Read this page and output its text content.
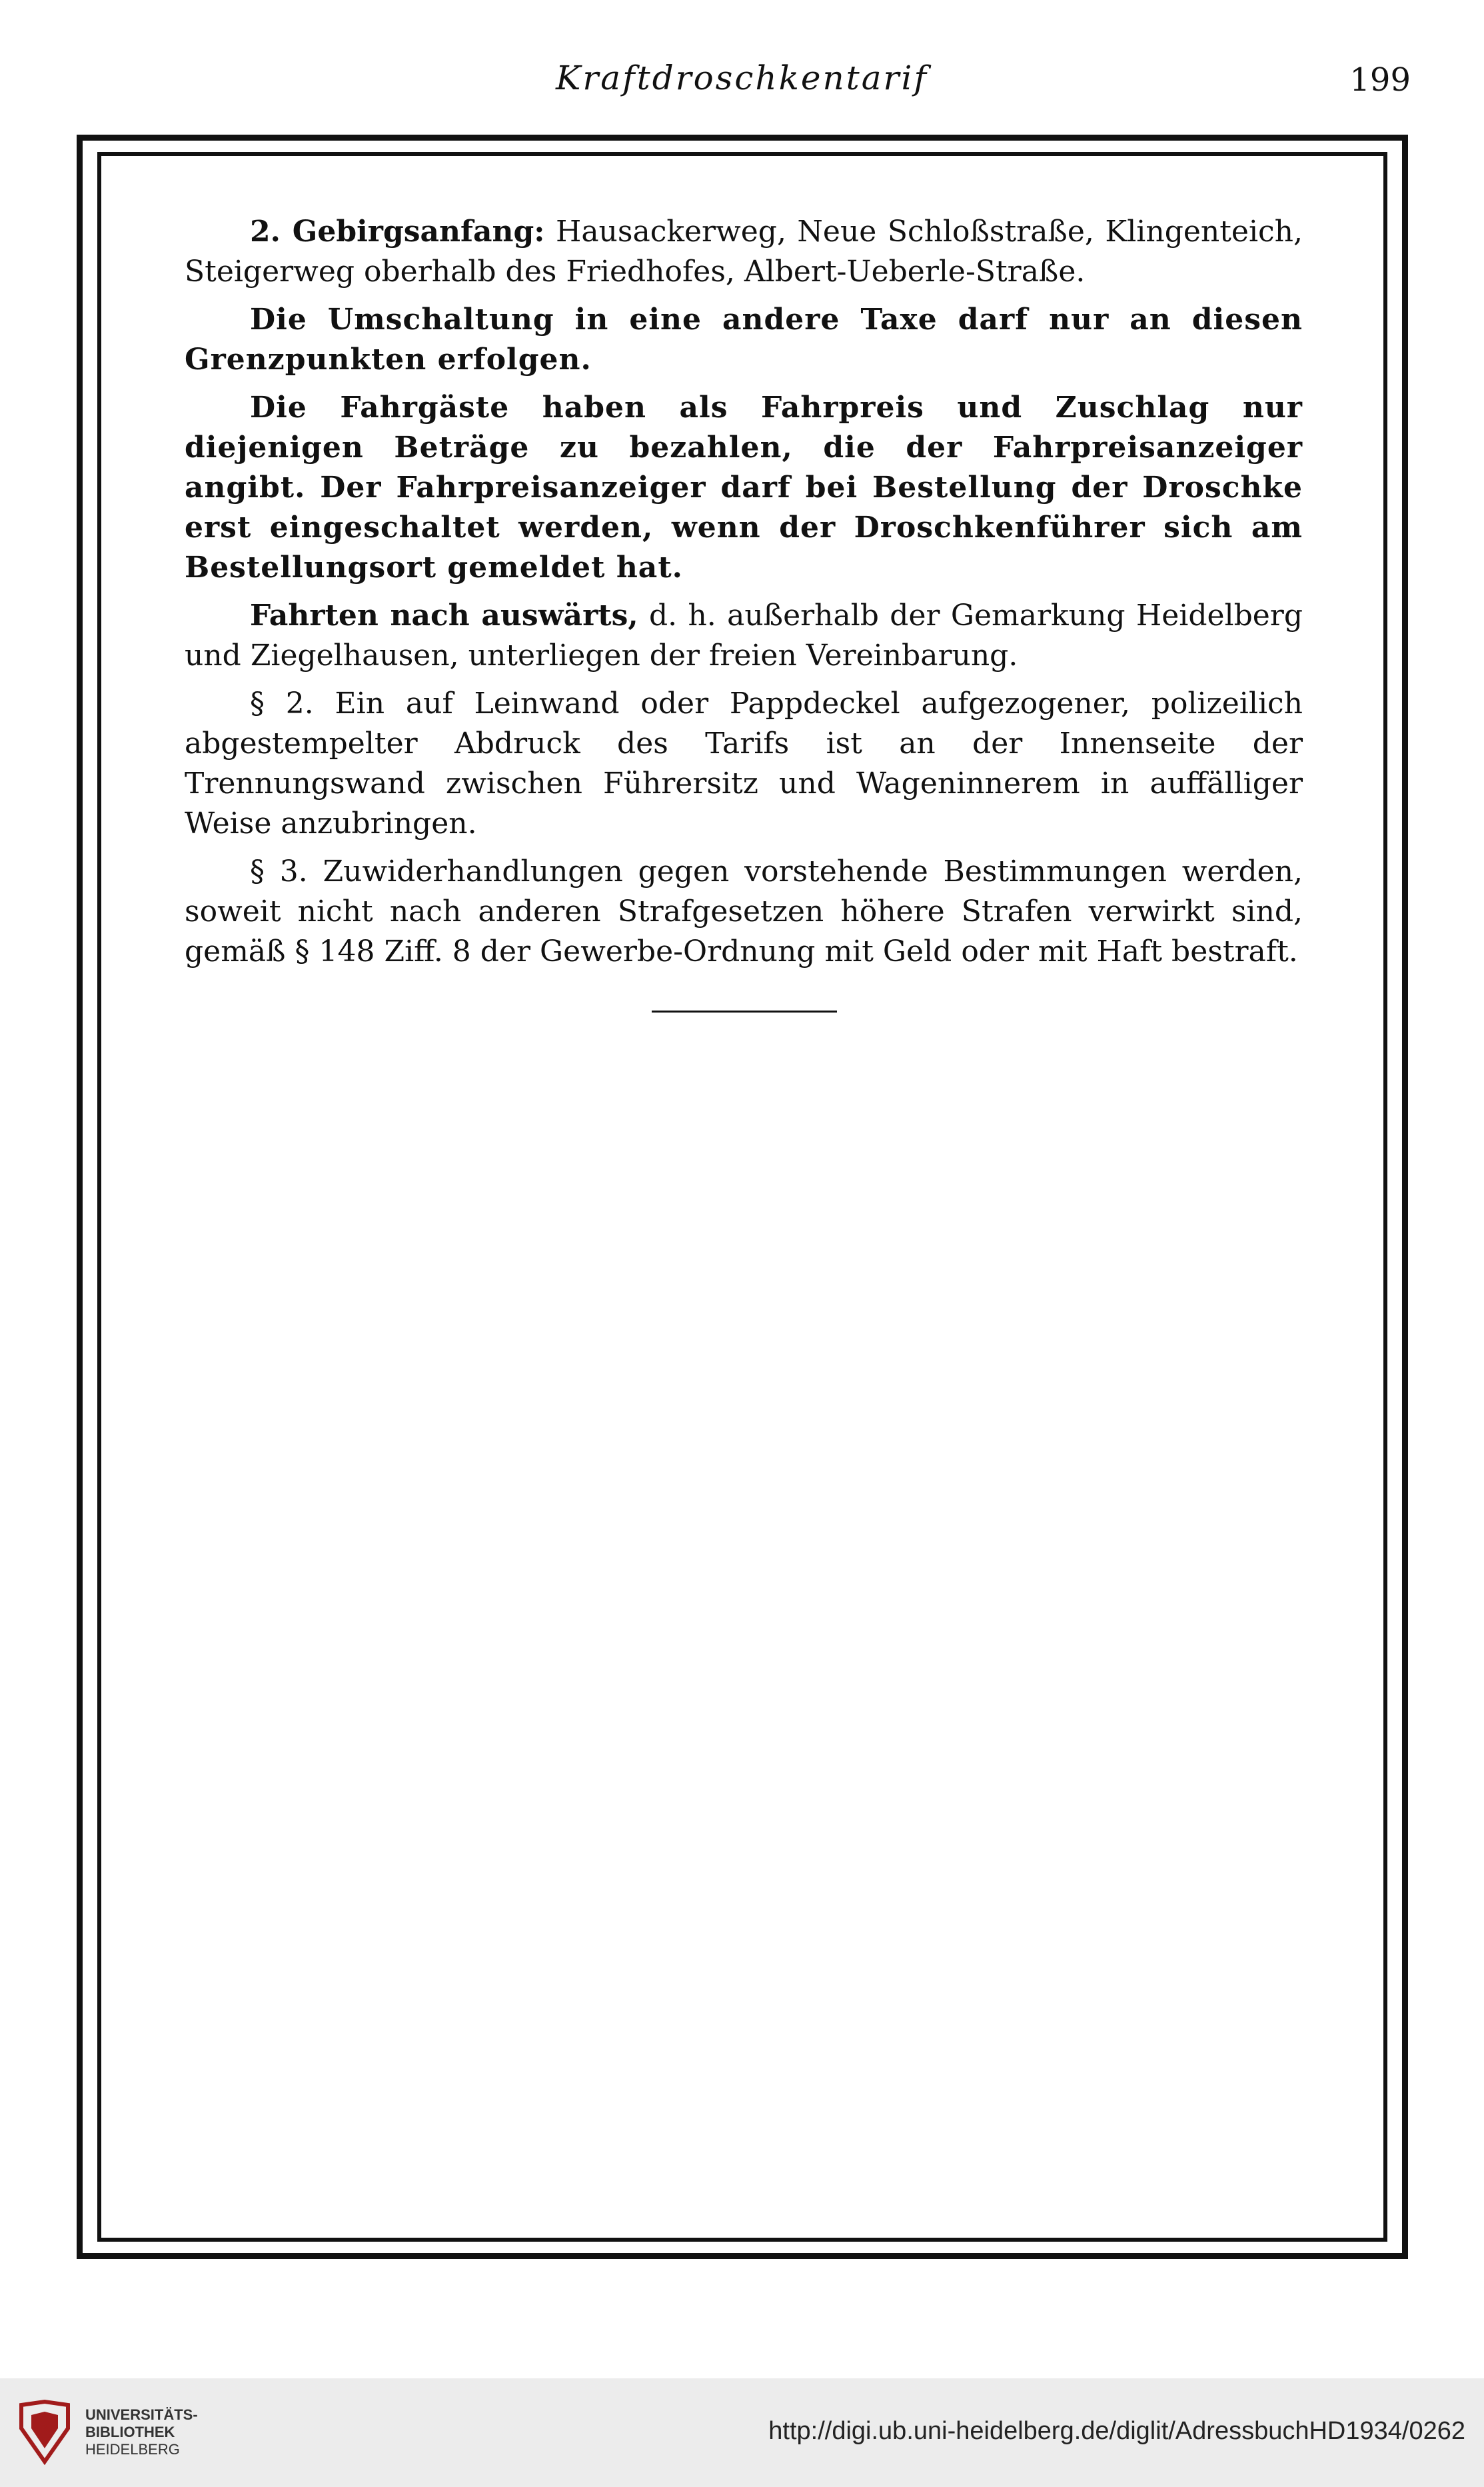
Kraftdroschkentarif	199

2. Gebirgsanfang: Hausackerweg, Neue Schloßstraße, Klingenteich, Steigerweg oberhalb des Friedhofes, Albert-Ueberle-Straße.

Die Umschaltung in eine andere Taxe darf nur an diesen Grenzpunkten erfolgen.

Die Fahrgäste haben als Fahrpreis und Zuschlag nur diejenigen Beträge zu bezahlen, die der Fahrpreisanzeiger angibt. Der Fahrpreisanzeiger darf bei Bestellung der Droschke erst eingeschaltet werden, wenn der Droschkenführer sich am Bestellungsort gemeldet hat.

Fahrten nach auswärts, d. h. außerhalb der Gemarkung Heidelberg und Ziegelhausen, unterliegen der freien Vereinbarung.

§ 2. Ein auf Leinwand oder Pappdeckel aufgezogener, polizeilich abgestempelter Abdruck des Tarifs ist an der Innenseite der Trennungswand zwischen Führersitz und Wageninnerem in auffälliger Weise anzubringen.

§ 3. Zuwiderhandlungen gegen vorstehende Bestimmungen werden, soweit nicht nach anderen Strafgesetzen höhere Strafen verwirkt sind, gemäß § 148 Ziff. 8 der Gewerbe-Ordnung mit Geld oder mit Haft bestraft.

UNIVERSITÄTS-
BIBLIOTHEK
HEIDELBERG
http://digi.ub.uni-heidelberg.de/diglit/AdressbuchHD1934/0262
